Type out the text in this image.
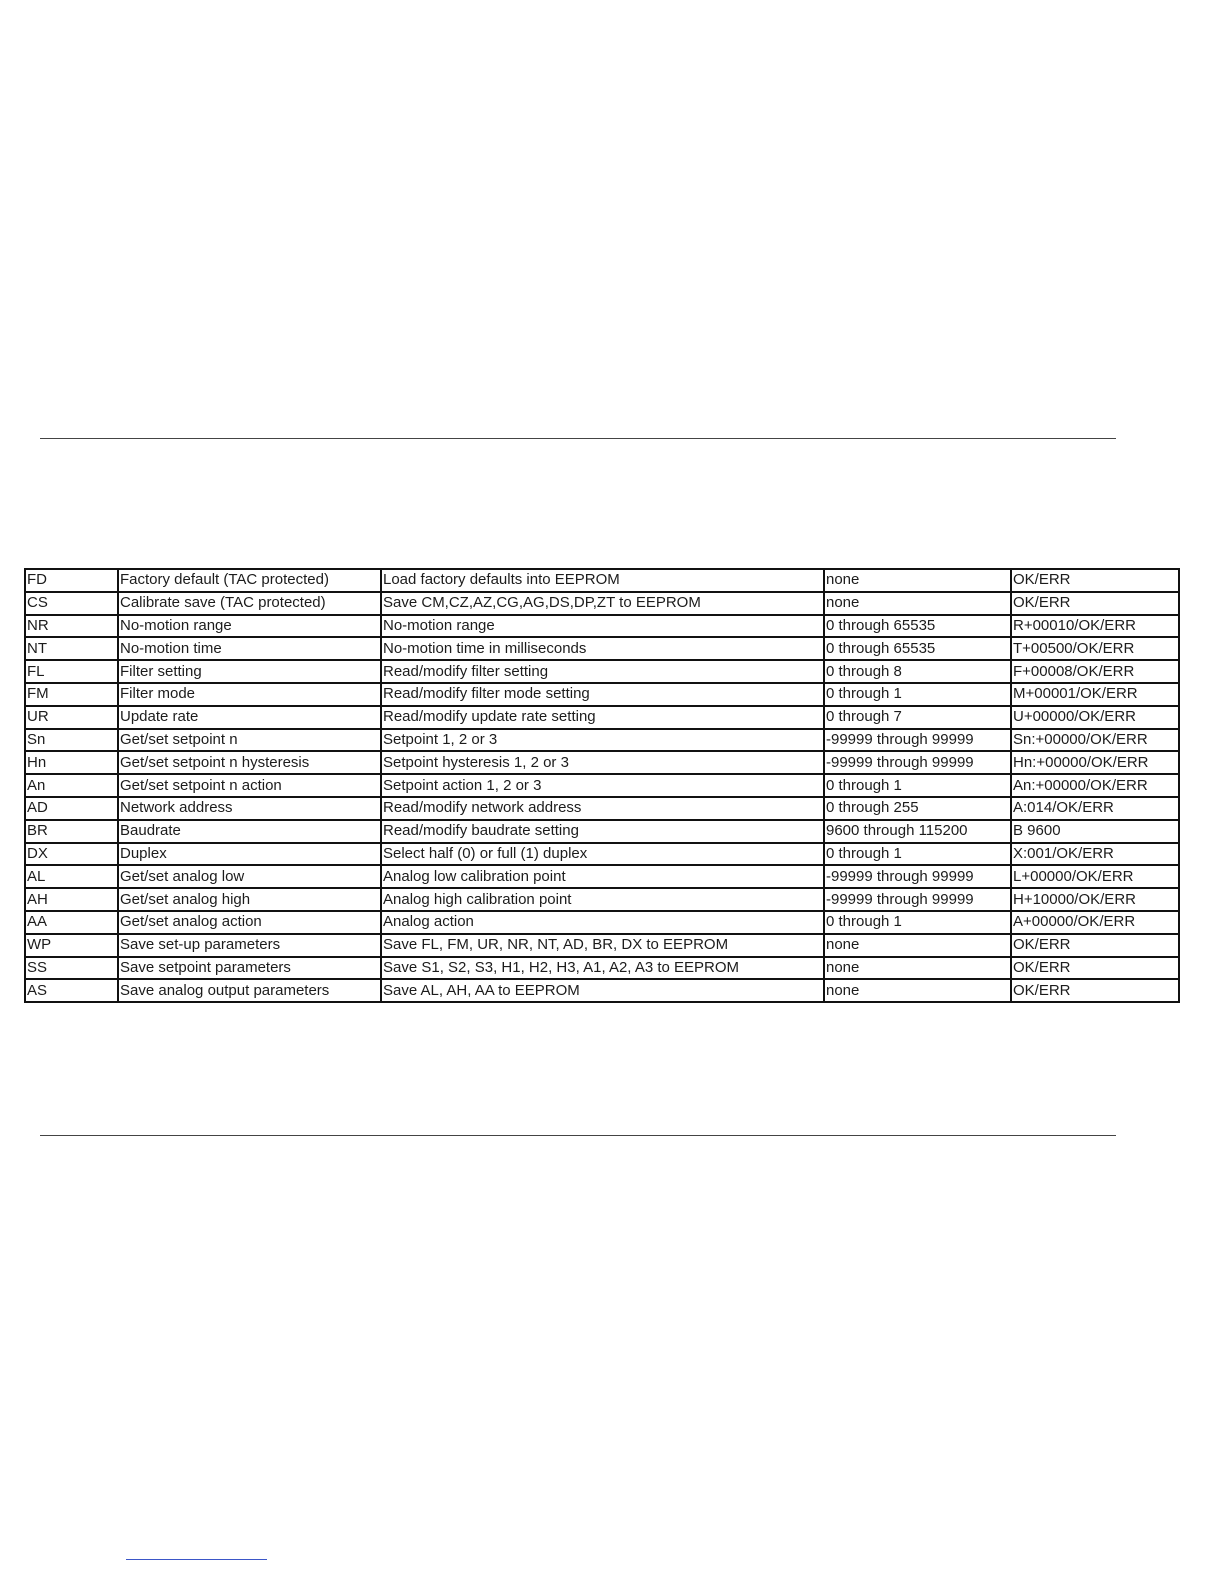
FD	Factory default (TAC protected)	Load factory defaults into EEPROM	none	OK/ERR
CS	Calibrate save (TAC protected)	Save CM,CZ,AZ,CG,AG,DS,DP,ZT to EEPROM	none	OK/ERR
NR	No-motion range	No-motion range	0 through 65535	R+00010/OK/ERR
NT	No-motion time	No-motion time in milliseconds	0 through 65535	T+00500/OK/ERR
FL	Filter setting	Read/modify filter setting	0 through 8	F+00008/OK/ERR
FM	Filter mode	Read/modify filter mode setting	0 through 1	M+00001/OK/ERR
UR	Update rate	Read/modify update rate setting	0 through 7	U+00000/OK/ERR
Sn	Get/set setpoint n	Setpoint 1, 2 or 3	-99999 through 99999	Sn:+00000/OK/ERR
Hn	Get/set setpoint n hysteresis	Setpoint hysteresis 1, 2 or 3	-99999 through 99999	Hn:+00000/OK/ERR
An	Get/set setpoint n action	Setpoint action 1, 2 or 3	0 through 1	An:+00000/OK/ERR
AD	Network address	Read/modify network address	0 through 255	A:014/OK/ERR
BR	Baudrate	Read/modify baudrate setting	9600 through 115200	B 9600
DX	Duplex	Select half (0) or full (1) duplex	0 through 1	X:001/OK/ERR
AL	Get/set analog low	Analog low calibration point	-99999 through 99999	L+00000/OK/ERR
AH	Get/set analog high	Analog high calibration point	-99999 through 99999	H+10000/OK/ERR
AA	Get/set analog action	Analog action	0 through 1	A+00000/OK/ERR
WP	Save set-up parameters	Save FL, FM, UR, NR, NT, AD, BR, DX to EEPROM	none	OK/ERR
SS	Save setpoint parameters	Save S1, S2, S3, H1, H2, H3, A1, A2, A3 to EEPROM	none	OK/ERR
AS	Save analog output parameters	Save AL, AH, AA to EEPROM	none	OK/ERR
